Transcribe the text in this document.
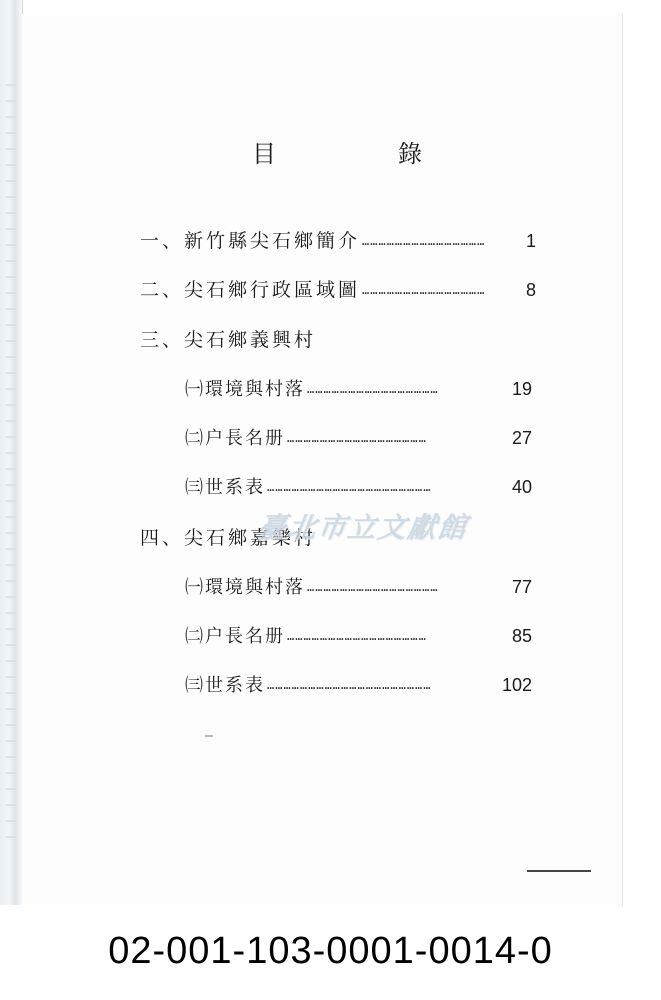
目	錄
一、新竹縣尖石鄉簡介 ………………………………………	1
二、尖石鄉行政區域圖 ………………………………………	8
三、尖石鄉義興村
㈠環境與村落 …………………………………………	19
㈡户長名册 ……………………………………………	27
㈢世系表 ……………………………………………………	40
四、尖石鄉嘉樂村
㈠環境與村落 …………………………………………	77
㈡户長名册 ……………………………………………	85
㈢世系表 ……………………………………………………	102
臺北市立文獻館
02-001-103-0001-0014-0
